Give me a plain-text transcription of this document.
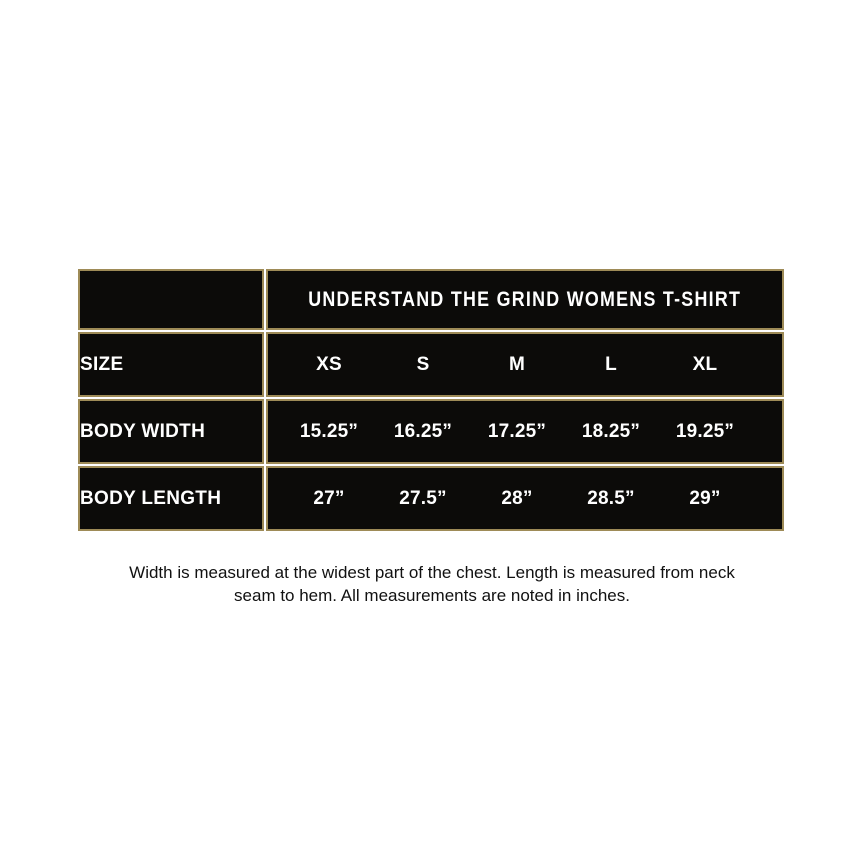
	UNDERSTAND THE GRIND WOMENS T-SHIRT
SIZE	XS S M L XL

BODY WIDTH	15.25” 16.25” 17.25” 18.25” 19.25”

BODY LENGTH	27” 27.5” 28” 28.5” 29”
Width is measured at the widest part of the chest. Length is measured from neck
seam to hem. All measurements are noted in inches.
